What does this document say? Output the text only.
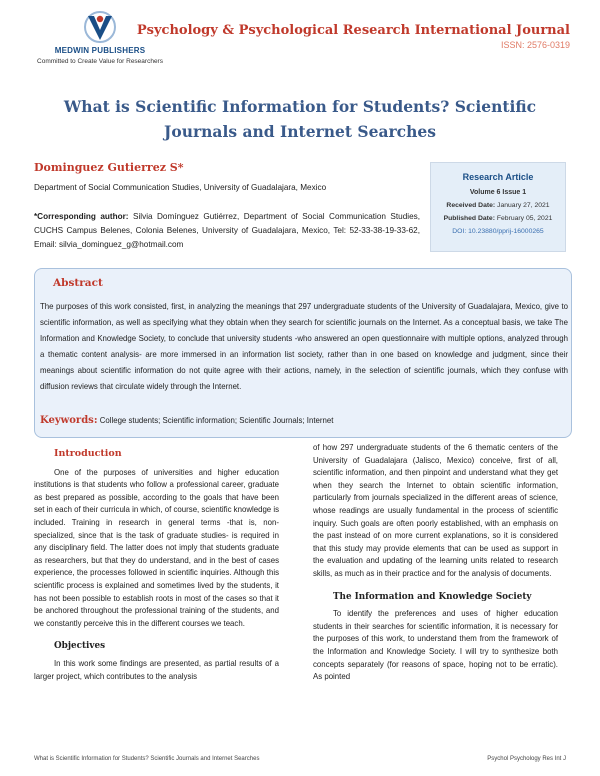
MEDWIN PUBLISHERS
Committed to Create Value for Researchers
Psychology & Psychological Research International Journal
ISSN: 2576-0319
What is Scientific Information for Students? Scientific Journals and Internet Searches
Dominguez Gutierrez S*
Department of Social Communication Studies, University of Guadalajara, Mexico
*Corresponding author: Silvia Domínguez Gutiérrez, Department of Social Communication Studies, CUCHS Campus Belenes, Colonia Belenes, University of Guadalajara, Mexico, Tel: 52-33-38-19-33-62, Email: silvia_dominguez_g@hotmail.com
Research Article
Volume 6 Issue 1
Received Date: January 27, 2021
Published Date: February 05, 2021
DOI: 10.23880/pprij-16000265
Abstract
The purposes of this work consisted, first, in analyzing the meanings that 297 undergraduate students of the University of Guadalajara, Mexico, give to scientific information, as well as specifying what they obtain when they search for scientific journals on the Internet. As a conceptual basis, we take The Information and Knowledge Society, to conclude that university students -who answered an open questionnaire with multiple options, analyzed through a thematic content analysis- are more immersed in an information list society, rather than in one based on knowledge and judgment, since their meanings about scientific information do not quite agree with their actions, namely, in the selection of scientific journals, which they confuse with diffusion reviews that circulate widely through the Internet.
Keywords: College students; Scientific information; Scientific Journals; Internet
Introduction

One of the purposes of universities and higher education institutions is that students who follow a professional career, graduate as best prepared as possible, according to the goals that have been set in each of their curricula in which, of course, scientific knowledge is included. Training in research in general terms -that is, non-specialized, since that is the task of graduate studies- is required in any disciplinary field. The latter does not imply that students graduate as researchers, but that they do understand, and in the best of cases experience, the processes followed in scientific inquiries. Although this scientific process is explained and sometimes lived by the students, it has not been possible to establish roots in most of the cases so that it be anchored throughout the professional training of the students, and we constantly perceive this in the different courses we teach.

Objectives

In this work some findings are presented, as partial results of a larger project, which contributes to the analysis

of how 297 undergraduate students of the 6 thematic centers of the University of Guadalajara (Jalisco, Mexico) conceive, first of all, scientific information, and then pinpoint and understand what they get when they search the Internet to obtain scientific information, particularly from journals specialized in the different areas of science, whose readings are usually fundamental in the process of scientific inquiry. Such goals are often poorly established, with an emphasis on the past instead of on more current explanations, so it is considered that this study may provide elements that can be used as support in the evaluation and updating of the learning units related to research skills, as much as in their practice and for the analysis of documents.

The Information and Knowledge Society

To identify the preferences and uses of higher education students in their searches for scientific information, it is necessary for the purposes of this work, to understand them from the framework of the Information and Knowledge Society. I will try to synthesize both concepts separately (for reasons of space, hoping not to be erratic). As pointed

What is Scientific Information for Students? Scientific Journals and Internet Searches	Psychol Psychology Res Int J
